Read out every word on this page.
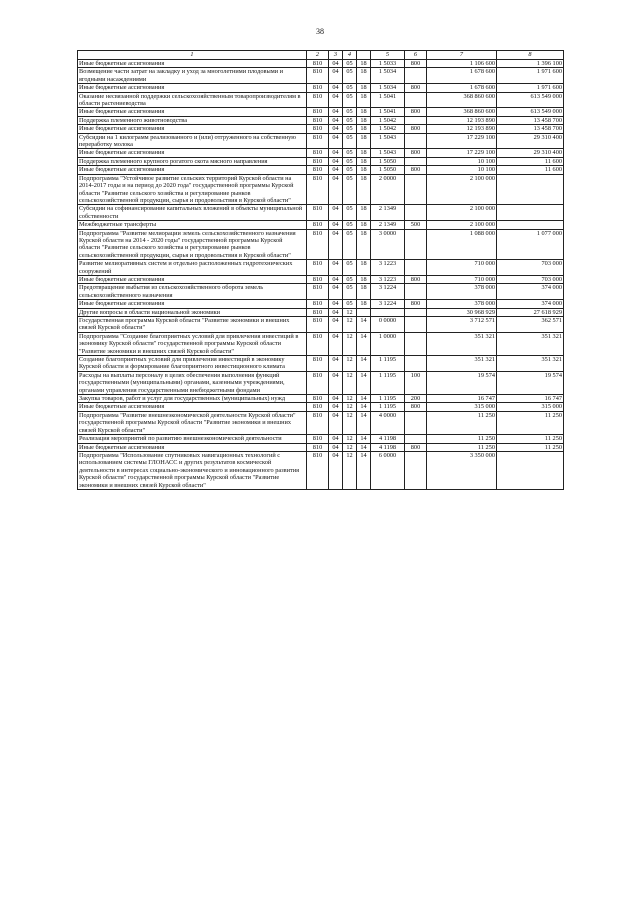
38
1	2	3	4		5	6	7	8
Иные бюджетные ассигнования	810	04	05	18	1 5033	800	1 106 600	1 396 100
Возмещение части затрат на закладку и уход за многолетними плодовыми и ягодными насаждениями	810	04	05	18	1 5034		1 678 600	1 971 600
Иные бюджетные ассигнования	810	04	05	18	1 5034	800	1 678 600	1 971 600
Оказание несвязанной поддержки сельскохозяйственным товаропроизводителям в области растениеводства	810	04	05	18	1 5041		368 860 600	613 549 000
Иные бюджетные ассигнования	810	04	05	18	1 5041	800	368 860 600	613 549 000
Поддержка племенного животноводства	810	04	05	18	1 5042		12 193 890	13 458 700
Иные бюджетные ассигнования	810	04	05	18	1 5042	800	12 193 890	13 458 700
Субсидии на 1 килограмм реализованного и (или) отгруженного на собственную переработку молока	810	04	05	18	1 5043		17 229 100	29 310 400
Иные бюджетные ассигнования	810	04	05	18	1 5043	800	17 229 100	29 310 400
Поддержка племенного крупного рогатого скота мясного направления	810	04	05	18	1 5050		10 100	11 600
Иные бюджетные ассигнования	810	04	05	18	1 5050	800	10 100	11 600
Подпрограмма "Устойчивое развитие сельских территорий Курской области на 2014-2017 годы и на период до 2020 года" государственной программы Курской области "Развитие сельского хозяйства и регулирование рынков сельскохозяйственной продукции, сырья и продовольствия в Курской области"	810	04	05	18	2 0000		2 100 000	
Субсидии на софинансирование капитальных вложений в объекты муниципальной собственности	810	04	05	18	2 1349		2 100 000	
Межбюджетные трансферты	810	04	05	18	2 1349	500	2 100 000	
Подпрограмма "Развитие мелиорации земель сельскохозяйственного назначения Курской области на 2014 - 2020 годы" государственной программы Курской области "Развитие сельского хозяйства и регулирование рынков сельскохозяйственной продукции, сырья и продовольствия в Курской области"	810	04	05	18	3 0000		1 088 000	1 077 000
Развитие мелиоративных систем и отдельно расположенных гидротехнических сооружений	810	04	05	18	3 1223		710 000	703 000
Иные бюджетные ассигнования	810	04	05	18	3 1223	800	710 000	703 000
Предотвращение выбытия из сельскохозяйственного оборота земель сельскохозяйственного назначения	810	04	05	18	3 1224		378 000	374 000
Иные бюджетные ассигнования	810	04	05	18	3 1224	800	378 000	374 000
Другие вопросы в области национальной экономики	810	04	12				30 968 929	27 618 929
Государственная программа Курской области "Развитие экономики и внешних связей Курской области"	810	04	12	14	0 0000		3 712 571	362 571
Подпрограмма "Создание благоприятных условий для привлечения инвестиций в экономику Курской области" государственной программы Курской области "Развитие экономики и внешних связей Курской области"	810	04	12	14	1 0000		351 321	351 321
Создание благоприятных условий для привлечения инвестиций в экономику Курской области и формирование благоприятного инвестиционного климата	810	04	12	14	1 1195		351 321	351 321
Расходы на выплаты персоналу в целях обеспечения выполнения функций государственными (муниципальными) органами, казенными учреждениями, органами управления государственными внебюджетными фондами	810	04	12	14	1 1195	100	19 574	19 574
Закупка товаров, работ и услуг для государственных (муниципальных) нужд	810	04	12	14	1 1195	200	16 747	16 747
Иные бюджетные ассигнования	810	04	12	14	1 1195	800	315 000	315 000
Подпрограмма "Развитие внешнеэкономической деятельности Курской области" государственной программы Курской области "Развитие экономики и внешних связей Курской области"	810	04	12	14	4 0000		11 250	11 250
Реализация мероприятий по развитию внешнеэкономической деятельности	810	04	12	14	4 1198		11 250	11 250
Иные бюджетные ассигнования	810	04	12	14	4 1198	800	11 250	11 250
Подпрограмма "Использование спутниковых навигационных технологий с использованием системы ГЛОНАСС и других результатов космической деятельности в интересах социально-экономического и инновационного развития Курской области" государственной программы Курской области "Развитие экономики и внешних связей Курской области"	810	04	12	14	6 0000		3 350 000	
